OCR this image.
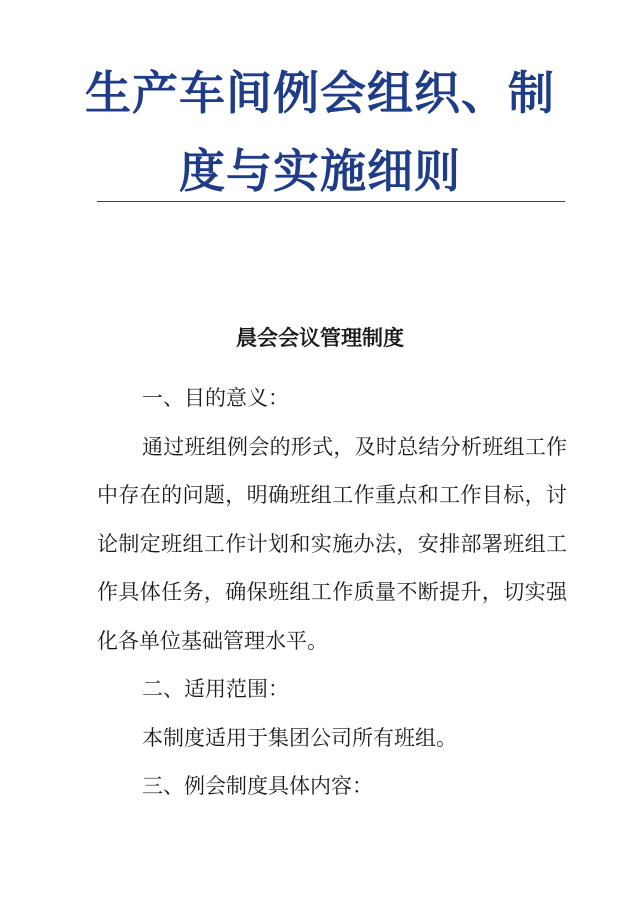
生产车间例会组织、制
度与实施细则
晨会会议管理制度

一、目的意义：

通过班组例会的形式，及时总结分析班组工作中存在的问题，明确班组工作重点和工作目标，讨论制定班组工作计划和实施办法，安排部署班组工作具体任务，确保班组工作质量不断提升，切实强化各单位基础管理水平。

二、适用范围：

本制度适用于集团公司所有班组。

三、例会制度具体内容：
